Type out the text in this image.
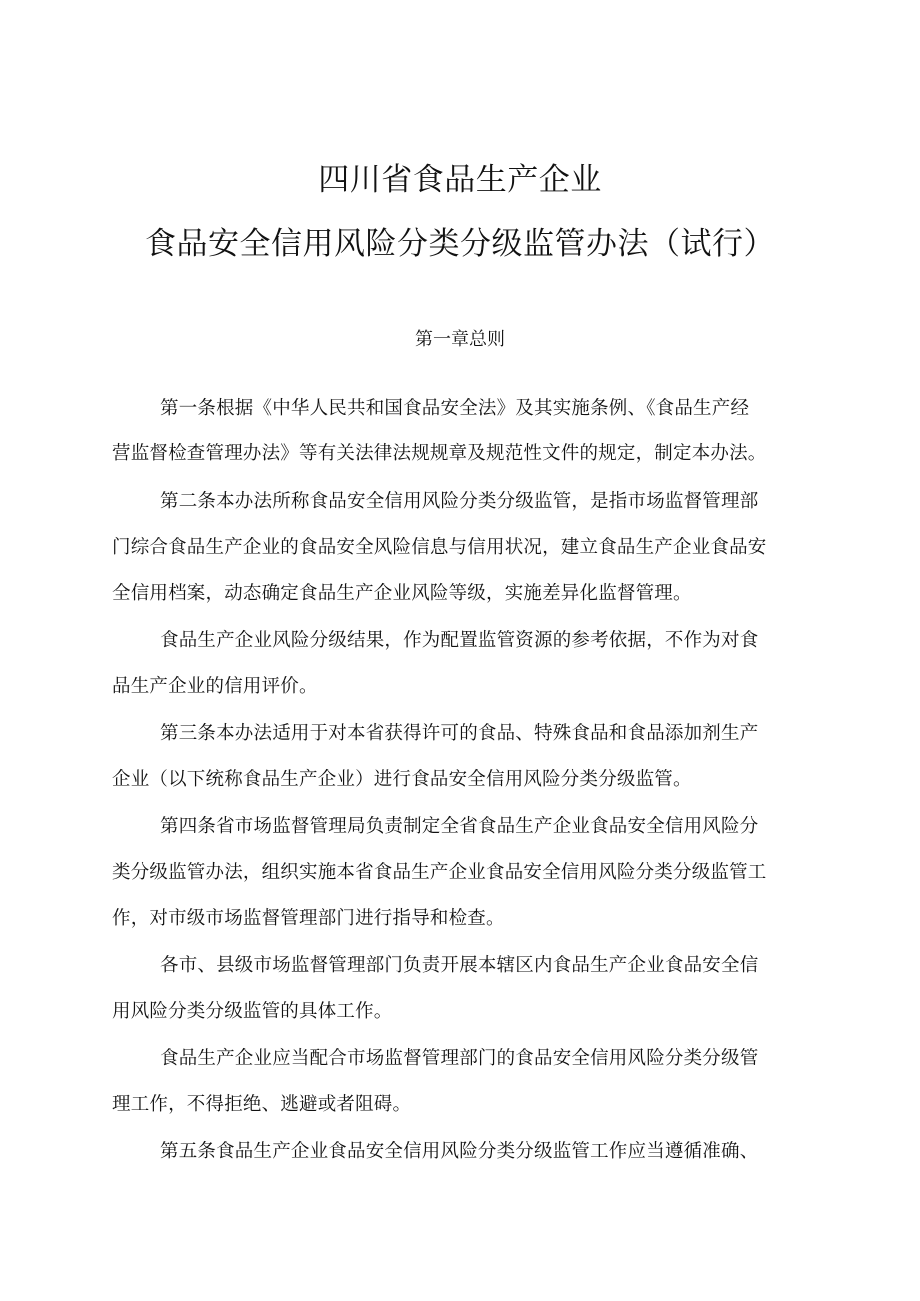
四川省食品生产企业
食品安全信用风险分类分级监管办法（试行）
第一章总则
第一条根据《中华人民共和国食品安全法》及其实施条例、《食品生产经
营监督检查管理办法》等有关法律法规规章及规范性文件的规定，制定本办法。
第二条本办法所称食品安全信用风险分类分级监管，是指市场监督管理部
门综合食品生产企业的食品安全风险信息与信用状况，建立食品生产企业食品安
全信用档案，动态确定食品生产企业风险等级，实施差异化监督管理。
食品生产企业风险分级结果，作为配置监管资源的参考依据，不作为对食
品生产企业的信用评价。
第三条本办法适用于对本省获得许可的食品、特殊食品和食品添加剂生产
企业（以下统称食品生产企业）进行食品安全信用风险分类分级监管。
第四条省市场监督管理局负责制定全省食品生产企业食品安全信用风险分
类分级监管办法，组织实施本省食品生产企业食品安全信用风险分类分级监管工
作，对市级市场监督管理部门进行指导和检查。
各市、县级市场监督管理部门负责开展本辖区内食品生产企业食品安全信
用风险分类分级监管的具体工作。
食品生产企业应当配合市场监督管理部门的食品安全信用风险分类分级管
理工作，不得拒绝、逃避或者阻碍。
第五条食品生产企业食品安全信用风险分类分级监管工作应当遵循准确、
